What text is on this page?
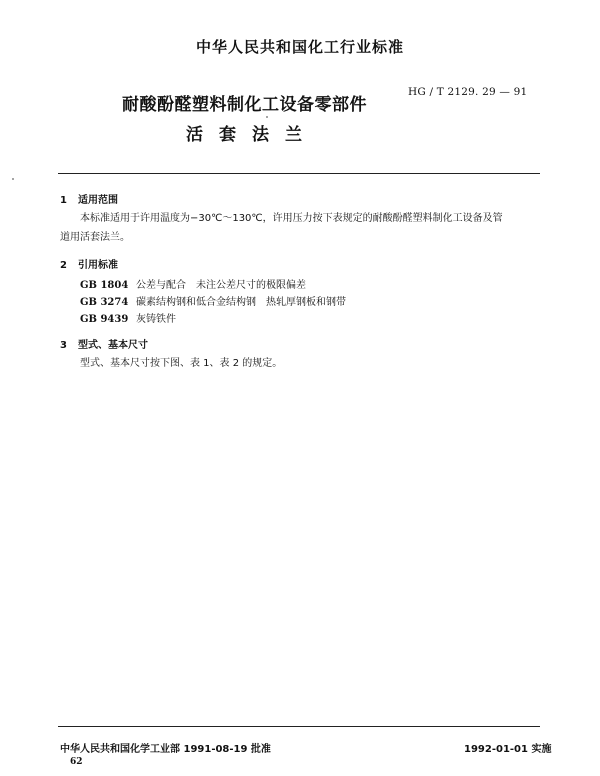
中华人民共和国化工行业标准
耐酸酚醛塑料制化工设备零部件
HG / T 2129. 29 — 91
活套法兰
1 适用范围
本标准适用于许用温度为−30℃～130℃，许用压力按下表规定的耐酸酚醛塑料制化工设备及管
道用活套法兰。
2 引用标准
GB 1804 公差与配合　未注公差尺寸的极限偏差
GB 3274 碳素结构钢和低合金结构钢　热轧厚钢板和钢带
GB 9439 灰铸铁件
3 型式、基本尺寸
型式、基本尺寸按下图、表 1、表 2 的规定。
中华人民共和国化学工业部 1991-08-19 批准	1992-01-01 实施
62
